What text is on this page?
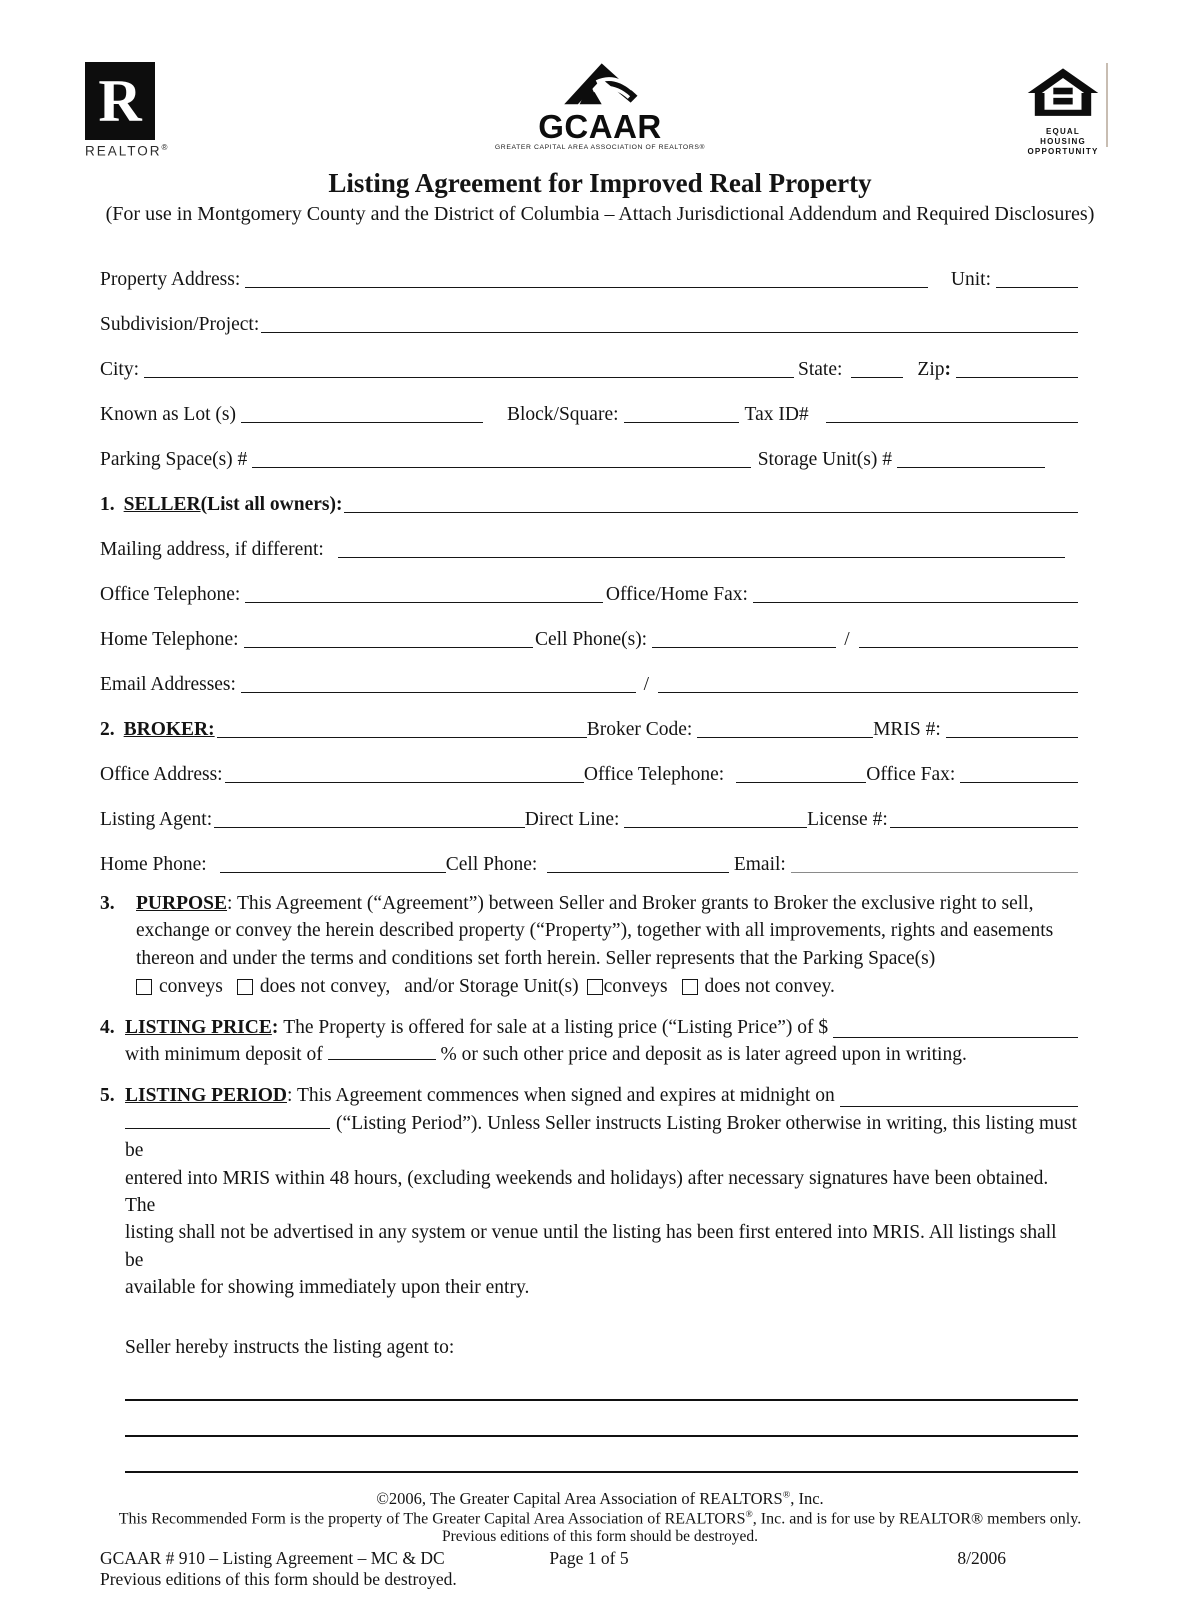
R
REALTOR®
GCAAR
GREATER CAPITAL AREA ASSOCIATION OF REALTORS®
EQUAL HOUSING
OPPORTUNITY
Listing Agreement for Improved Real Property
(For use in Montgomery County and the District of Columbia – Attach Jurisdictional Addendum and Required Disclosures)
Property Address:	Unit:
Subdivision/Project:
City:	State:	Zip:
Known as Lot (s)	Block/Square:	Tax ID#
Parking Space(s) #	Storage Unit(s) #
1. SELLER (List all owners):
Mailing address, if different:
Office Telephone:	Office/Home Fax:
Home Telephone:	Cell Phone(s):	/
Email Addresses:	/
2. BROKER:	Broker Code:	MRIS #:
Office Address:	Office Telephone:	Office Fax:
Listing Agent:	Direct Line:	License #:
Home Phone:	Cell Phone:	Email:
3. PURPOSE: This Agreement (“Agreement”) between Seller and Broker grants to Broker the exclusive right to sell,
exchange or convey the herein described property (“Property”), together with all improvements, rights and easements
thereon and under the terms and conditions set forth herein. Seller represents that the Parking Space(s)
conveys does not convey, and/or Storage Unit(s) conveys does not convey.
4. LISTING PRICE: The Property is offered for sale at a listing price (“Listing Price”) of $
with minimum deposit of	% or such other price and deposit as is later agreed upon in writing.
5. LISTING PERIOD: This Agreement commences when signed and expires at midnight on
(“Listing Period”). Unless Seller instructs Listing Broker otherwise in writing, this listing must be
entered into MRIS within 48 hours, (excluding weekends and holidays) after necessary signatures have been obtained. The
listing shall not be advertised in any system or venue until the listing has been first entered into MRIS. All listings shall be
available for showing immediately upon their entry.
Seller hereby instructs the listing agent to:
©2006, The Greater Capital Area Association of REALTORS®, Inc.
This Recommended Form is the property of The Greater Capital Area Association of REALTORS®, Inc. and is for use by REALTOR® members only.
Previous editions of this form should be destroyed.
GCAAR # 910 – Listing Agreement – MC & DC	Page 1 of 5	8/2006
Previous editions of this form should be destroyed.
